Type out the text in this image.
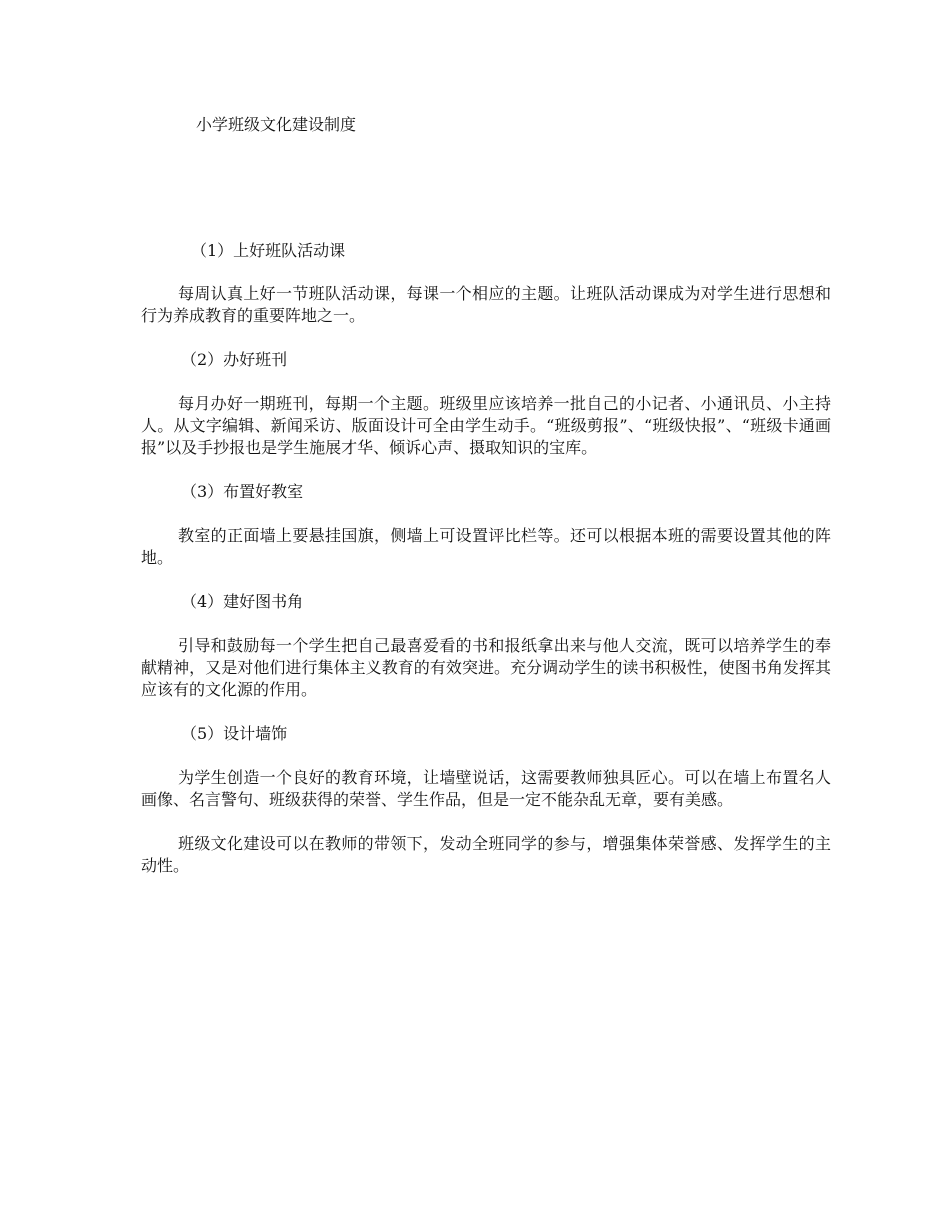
小学班级文化建设制度

（1）上好班队活动课

每周认真上好一节班队活动课，每课一个相应的主题。让班队活动课成为对学生进行思想和行为养成教育的重要阵地之一。

（2）办好班刊

每月办好一期班刊，每期一个主题。班级里应该培养一批自己的小记者、小通讯员、小主持人。从文字编辑、新闻采访、版面设计可全由学生动手。“班级剪报”、“班级快报”、“班级卡通画报”以及手抄报也是学生施展才华、倾诉心声、摄取知识的宝库。

（3）布置好教室

教室的正面墙上要悬挂国旗，侧墙上可设置评比栏等。还可以根据本班的需要设置其他的阵地。

（4）建好图书角

引导和鼓励每一个学生把自己最喜爱看的书和报纸拿出来与他人交流，既可以培养学生的奉献精神，又是对他们进行集体主义教育的有效突进。充分调动学生的读书积极性，使图书角发挥其应该有的文化源的作用。

（5）设计墙饰

为学生创造一个良好的教育环境，让墙壁说话，这需要教师独具匠心。可以在墙上布置名人画像、名言警句、班级获得的荣誉、学生作品，但是一定不能杂乱无章，要有美感。

班级文化建设可以在教师的带领下，发动全班同学的参与，增强集体荣誉感、发挥学生的主动性。
